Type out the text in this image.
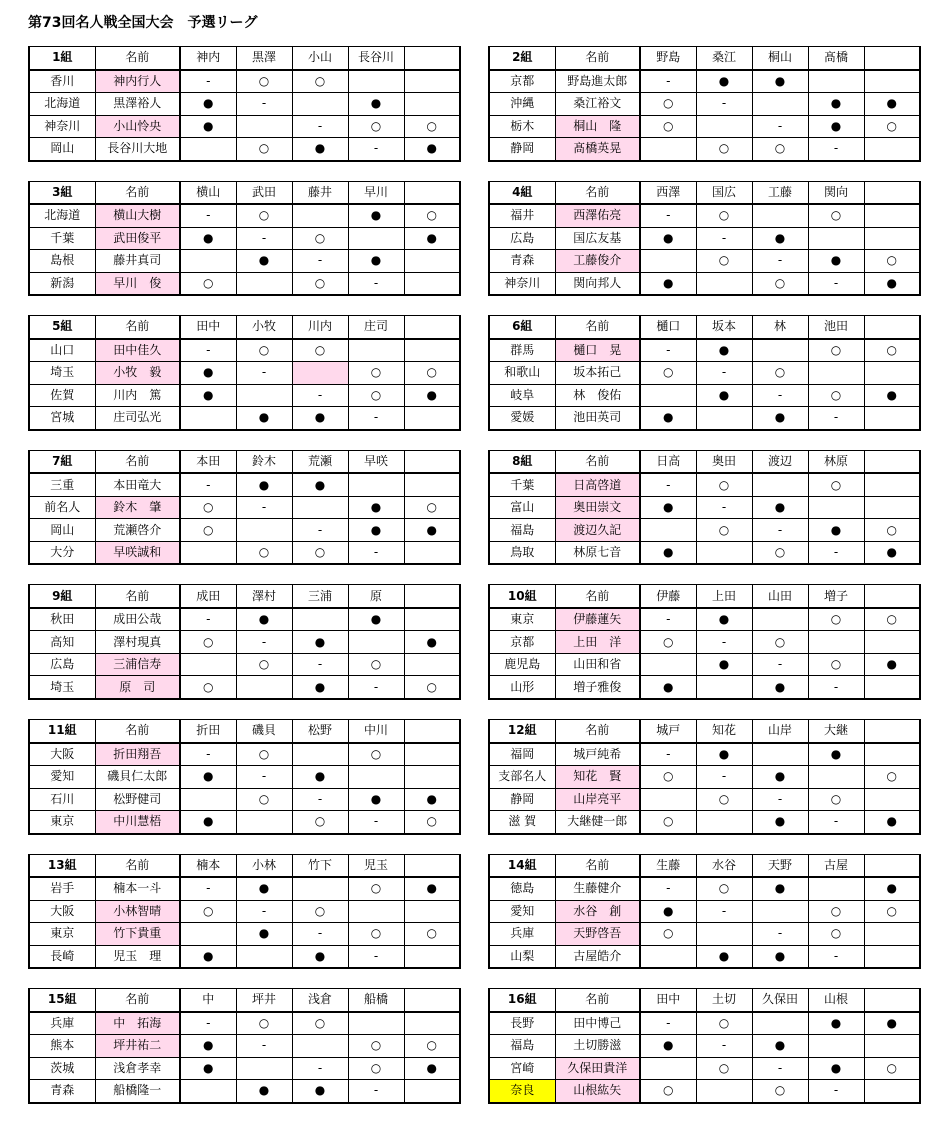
第73回名人戦全国大会　予選リーグ
1組	名前	神内	黒澤	小山	長谷川	
香川	神内行人	-	○	○		
北海道	黒澤裕人	●	-		●	
神奈川	小山怜央	●		-	○	○
岡山	長谷川大地		○	●	-	●
2組	名前	野島	桑江	桐山	髙橋	
京都	野島進太郎	-	●	●		
沖縄	桑江裕文	○	-		●	●
栃木	桐山　隆	○		-	●	○
静岡	髙橋英晃		○	○	-	
3組	名前	横山	武田	藤井	早川	
北海道	横山大樹	-	○		●	○
千葉	武田俊平	●	-	○		●
島根	藤井真司		●	-	●	
新潟	早川　俊	○		○	-	
4組	名前	西澤	国広	工藤	関向	
福井	西澤佑亮	-	○		○	
広島	国広友基	●	-	●		
青森	工藤俊介		○	-	●	○
神奈川	関向邦人	●		○	-	●
5組	名前	田中	小牧	川内	庄司	
山口	田中佳久	-	○	○		
埼玉	小牧　毅	●	-		○	○
佐賀	川内　篤	●		-	○	●
宮城	庄司弘光		●	●	-	
6組	名前	樋口	坂本	林	池田	
群馬	樋口　晃	-	●		○	○
和歌山	坂本拓己	○	-	○		
岐阜	林　俊佑		●	-	○	●
愛媛	池田英司	●		●	-	
7組	名前	本田	鈴木	荒瀬	早咲	
三重	本田竜大	-	●	●		
前名人	鈴木　肇	○	-		●	○
岡山	荒瀬啓介	○		-	●	●
大分	早咲誠和		○	○	-	
8組	名前	日高	奥田	渡辺	林原	
千葉	日高啓道	-	○		○	
富山	奥田崇文	●	-	●		
福島	渡辺久記		○	-	●	○
鳥取	林原七音	●		○	-	●
9組	名前	成田	澤村	三浦	原	
秋田	成田公哉	-	●		●	
高知	澤村現真	○	-	●		●
広島	三浦信寿		○	-	○	
埼玉	原　司	○		●	-	○
10組	名前	伊藤	上田	山田	増子	
東京	伊藤蓮矢	-	●		○	○
京都	上田　洋	○	-	○		
鹿児島	山田和省		●	-	○	●
山形	増子雅俊	●		●	-	
11組	名前	折田	磯貝	松野	中川	
大阪	折田翔吾	-	○		○	
愛知	磯貝仁太郎	●	-	●		
石川	松野健司		○	-	●	●
東京	中川慧梧	●		○	-	○
12組	名前	城戸	知花	山岸	大継	
福岡	城戸純希	-	●		●	
支部名人	知花　賢	○	-	●		○
静岡	山岸亮平		○	-	○	
滋 賀	大継健一郎	○		●	-	●
13組	名前	楠本	小林	竹下	児玉	
岩手	楠本一斗	-	●		○	●
大阪	小林智晴	○	-	○		
東京	竹下貴重		●	-	○	○
長崎	児玉　理	●		●	-	
14組	名前	生藤	水谷	天野	古屋	
徳島	生藤健介	-	○	●		●
愛知	水谷　創	●	-		○	○
兵庫	天野啓吾	○		-	○	
山梨	古屋皓介		●	●	-	
15組	名前	中	坪井	浅倉	船橋	
兵庫	中　拓海	-	○	○		
熊本	坪井祐二	●	-		○	○
茨城	浅倉孝幸	●		-	○	●
青森	船橋隆一		●	●	-	
16組	名前	田中	土切	久保田	山根	
長野	田中博己	-	○		●	●
福島	土切勝滋	●	-	●		
宮崎	久保田貴洋		○	-	●	○
奈良	山根紘矢	○		○	-	
